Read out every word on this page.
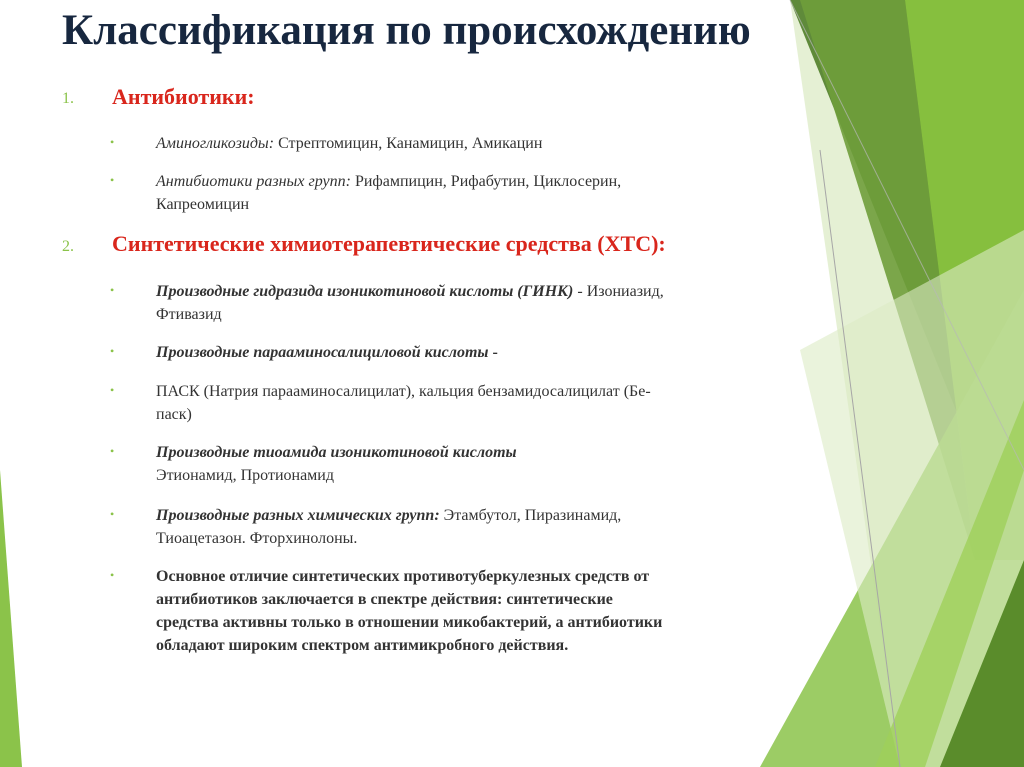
Классификация по происхождению
1. Антибиотики:
•	Аминогликозиды: Стрептомицин, Канамицин, Амикацин

•	Антибиотики разных групп: Рифампицин, Рифабутин, Циклосерин,
Капреомицин

2. Синтетические химиотерапевтические средства (ХТС):
•	Производные гидразида изоникотиновой кислоты (ГИНК) - Изониазид,
Фтивазид

•	Производные парааминосалициловой кислоты -

•	ПАСК (Натрия парааминосалицилат), кальция бензамидосалицилат (Бе-
паск)

•	Производные тиоамида изоникотиновой кислоты
Этионамид, Протионамид

•	Производные разных химических групп: Этамбутол, Пиразинамид,
Тиоацетазон. Фторхинолоны.

•	Основное отличие синтетических противотуберкулезных средств от
антибиотиков заключается в спектре действия: синтетические
средства активны только в отношении микобактерий, а антибиотики
обладают широким спектром антимикробного действия.
